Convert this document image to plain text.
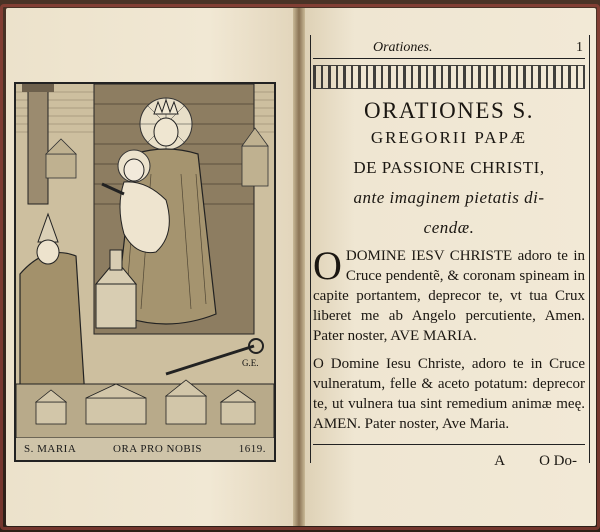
G.E.
S. MARIA	ORA PRO NOBIS	1619.
Orationes.	1
ORATIONES S.
GREGORII PAPÆ
DE PASSIONE CHRISTI,
ante imaginem pietatis di-
cendæ.
O DOMINE IESV CHRISTE adoro te in Cruce pendentẽ, & coronam spineam in capite portantem, deprecor te, vt tua Crux liberet me ab Angelo percutiente, Amen. Pater noster, AVE MARIA.
O Domine Iesu Christe, adoro te in Cruce vulneratum, felle & aceto potatum: deprecor te, ut vulnera tua sint remedium animæ meę. AMEN. Pater noster, Ave Maria.
A O Do-
